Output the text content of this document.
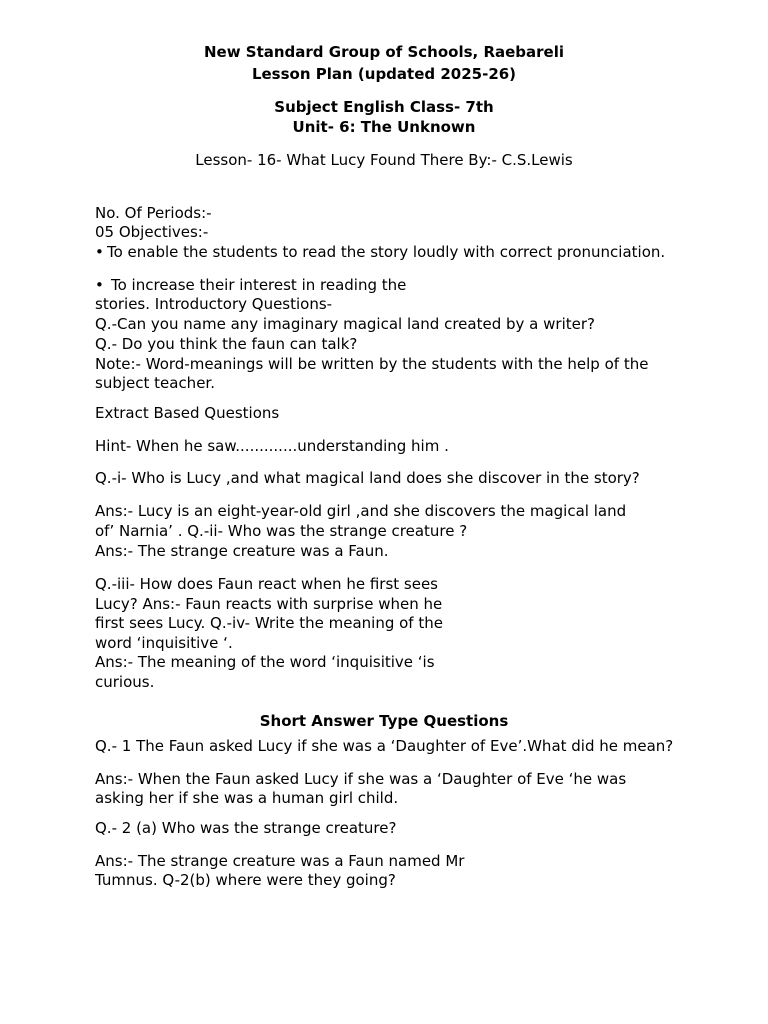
New Standard Group of Schools, Raebareli

Lesson Plan (updated 2025-26)

Subject English Class- 7th

Unit- 6: The Unknown

Lesson- 16- What Lucy Found There By:- C.S.Lewis

No. Of Periods:-

05 Objectives:-

• To enable the students to read the story loudly with correct pronunciation.

• To increase their interest in reading the

stories. Introductory Questions-

Q.-Can you name any imaginary magical land created by a writer?

Q.- Do you think the faun can talk?

Note:- Word-meanings will be written by the students with the help of the

subject teacher.

Extract Based Questions

Hint- When he saw.............understanding him .

Q.-i- Who is Lucy ,and what magical land does she discover in the story?

Ans:- Lucy is an eight-year-old girl ,and she discovers the magical land

of’ Narnia’ . Q.-ii- Who was the strange creature ?

Ans:- The strange creature was a Faun.

Q.-iii- How does Faun react when he first sees

Lucy? Ans:- Faun reacts with surprise when he

first sees Lucy. Q.-iv- Write the meaning of the

word ‘inquisitive ‘.

Ans:- The meaning of the word ‘inquisitive ‘is

curious.

Short Answer Type Questions

Q.- 1 The Faun asked Lucy if she was a ‘Daughter of Eve’.What did he mean?

Ans:- When the Faun asked Lucy if she was a ‘Daughter of Eve ‘he was

asking her if she was a human girl child.

Q.- 2 (a) Who was the strange creature?

Ans:- The strange creature was a Faun named Mr

Tumnus. Q-2(b) where were they going?
